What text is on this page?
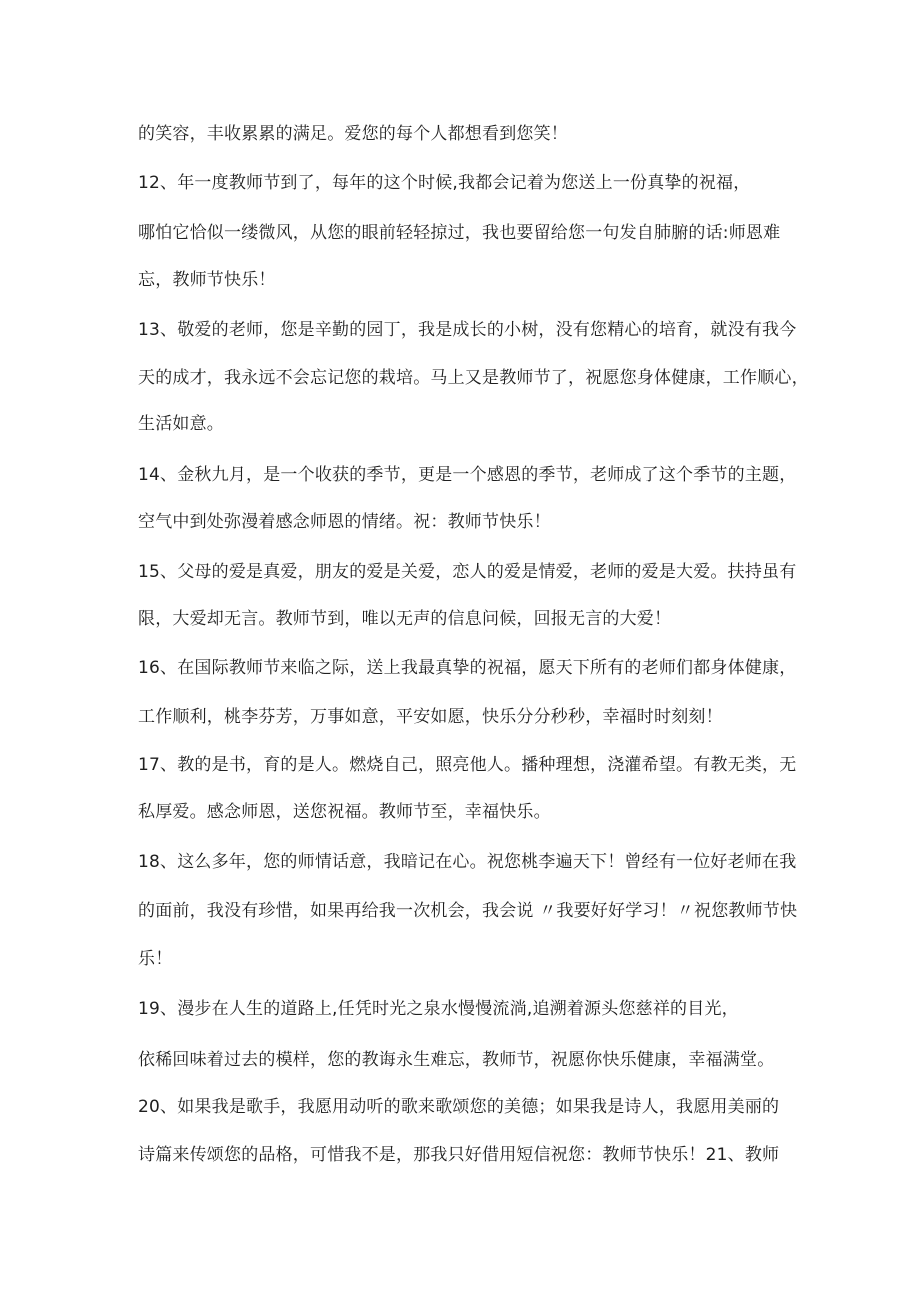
的笑容，丰收累累的满足。爱您的每个人都想看到您笑！
12、年一度教师节到了，每年的这个时候,我都会记着为您送上一份真挚的祝福，
哪怕它恰似一缕微风，从您的眼前轻轻掠过，我也要留给您一句发自肺腑的话:师恩难
忘，教师节快乐！
13、敬爱的老师，您是辛勤的园丁，我是成长的小树，没有您精心的培育，就没有我今
天的成才，我永远不会忘记您的栽培。马上又是教师节了，祝愿您身体健康，工作顺心，
生活如意。
14、金秋九月，是一个收获的季节，更是一个感恩的季节，老师成了这个季节的主题，
空气中到处弥漫着感念师恩的情绪。祝：教师节快乐！
15、父母的爱是真爱，朋友的爱是关爱，恋人的爱是情爱，老师的爱是大爱。扶持虽有
限，大爱却无言。教师节到，唯以无声的信息问候，回报无言的大爱！
16、在国际教师节来临之际，送上我最真挚的祝福，愿天下所有的老师们都身体健康，
工作顺利，桃李芬芳，万事如意，平安如愿，快乐分分秒秒，幸福时时刻刻！
17、教的是书，育的是人。燃烧自己，照亮他人。播种理想，浇灌希望。有教无类，无
私厚爱。感念师恩，送您祝福。教师节至，幸福快乐。
18、这么多年，您的师情话意，我暗记在心。祝您桃李遍天下！曾经有一位好老师在我
的面前，我没有珍惜，如果再给我一次机会，我会说 〃我要好好学习！〃祝您教师节快
乐！
19、漫步在人生的道路上,任凭时光之泉水慢慢流淌,追溯着源头您慈祥的目光，
依稀回味着过去的模样，您的教诲永生难忘，教师节，祝愿你快乐健康，幸福满堂。
20、如果我是歌手，我愿用动听的歌来歌颂您的美德；如果我是诗人，我愿用美丽的
诗篇来传颂您的品格，可惜我不是，那我只好借用短信祝您：教师节快乐！21、教师
